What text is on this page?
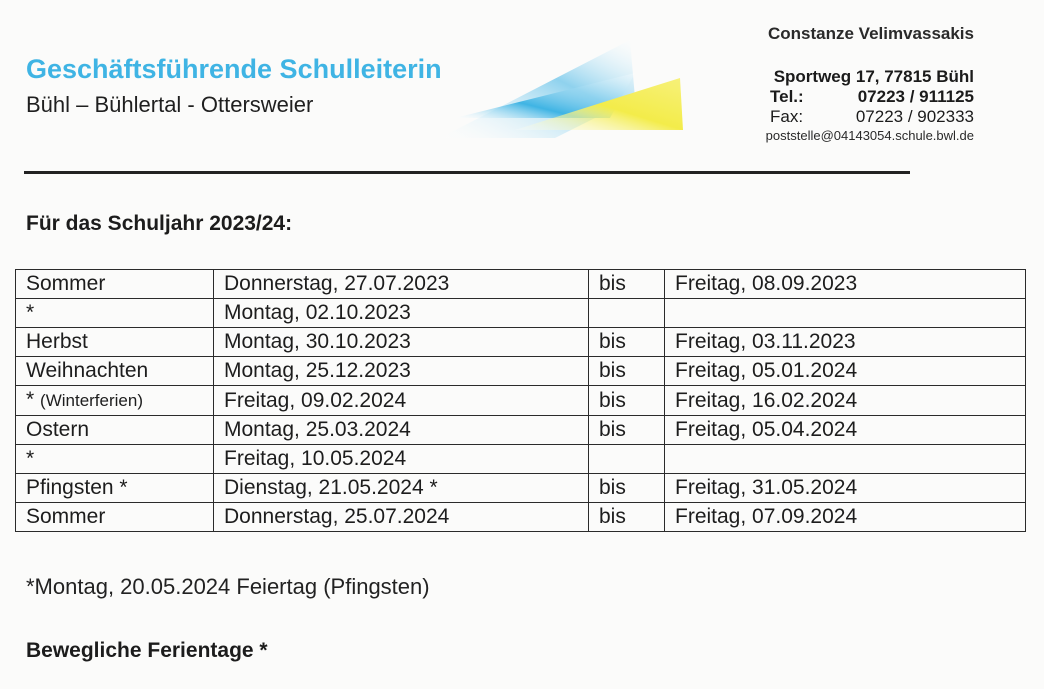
Geschäftsführende Schulleiterin
Bühl – Bühlertal - Ottersweier
Constanze Velimvassakis
Sportweg 17, 77815 Bühl
Tel.:	07223 / 911125
Fax:	07223 / 902333
poststelle@04143054.schule.bwl.de
Für das Schuljahr 2023/24:
Sommer	Donnerstag, 27.07.2023	bis	Freitag, 08.09.2023
*	Montag, 02.10.2023		
Herbst	Montag, 30.10.2023	bis	Freitag, 03.11.2023
Weihnachten	Montag, 25.12.2023	bis	Freitag, 05.01.2024
* (Winterferien)	Freitag, 09.02.2024	bis	Freitag, 16.02.2024
Ostern	Montag, 25.03.2024	bis	Freitag, 05.04.2024
*	Freitag, 10.05.2024		
Pfingsten *	Dienstag, 21.05.2024 *	bis	Freitag, 31.05.2024
Sommer	Donnerstag, 25.07.2024	bis	Freitag, 07.09.2024
*Montag, 20.05.2024 Feiertag (Pfingsten)
Bewegliche Ferientage *
